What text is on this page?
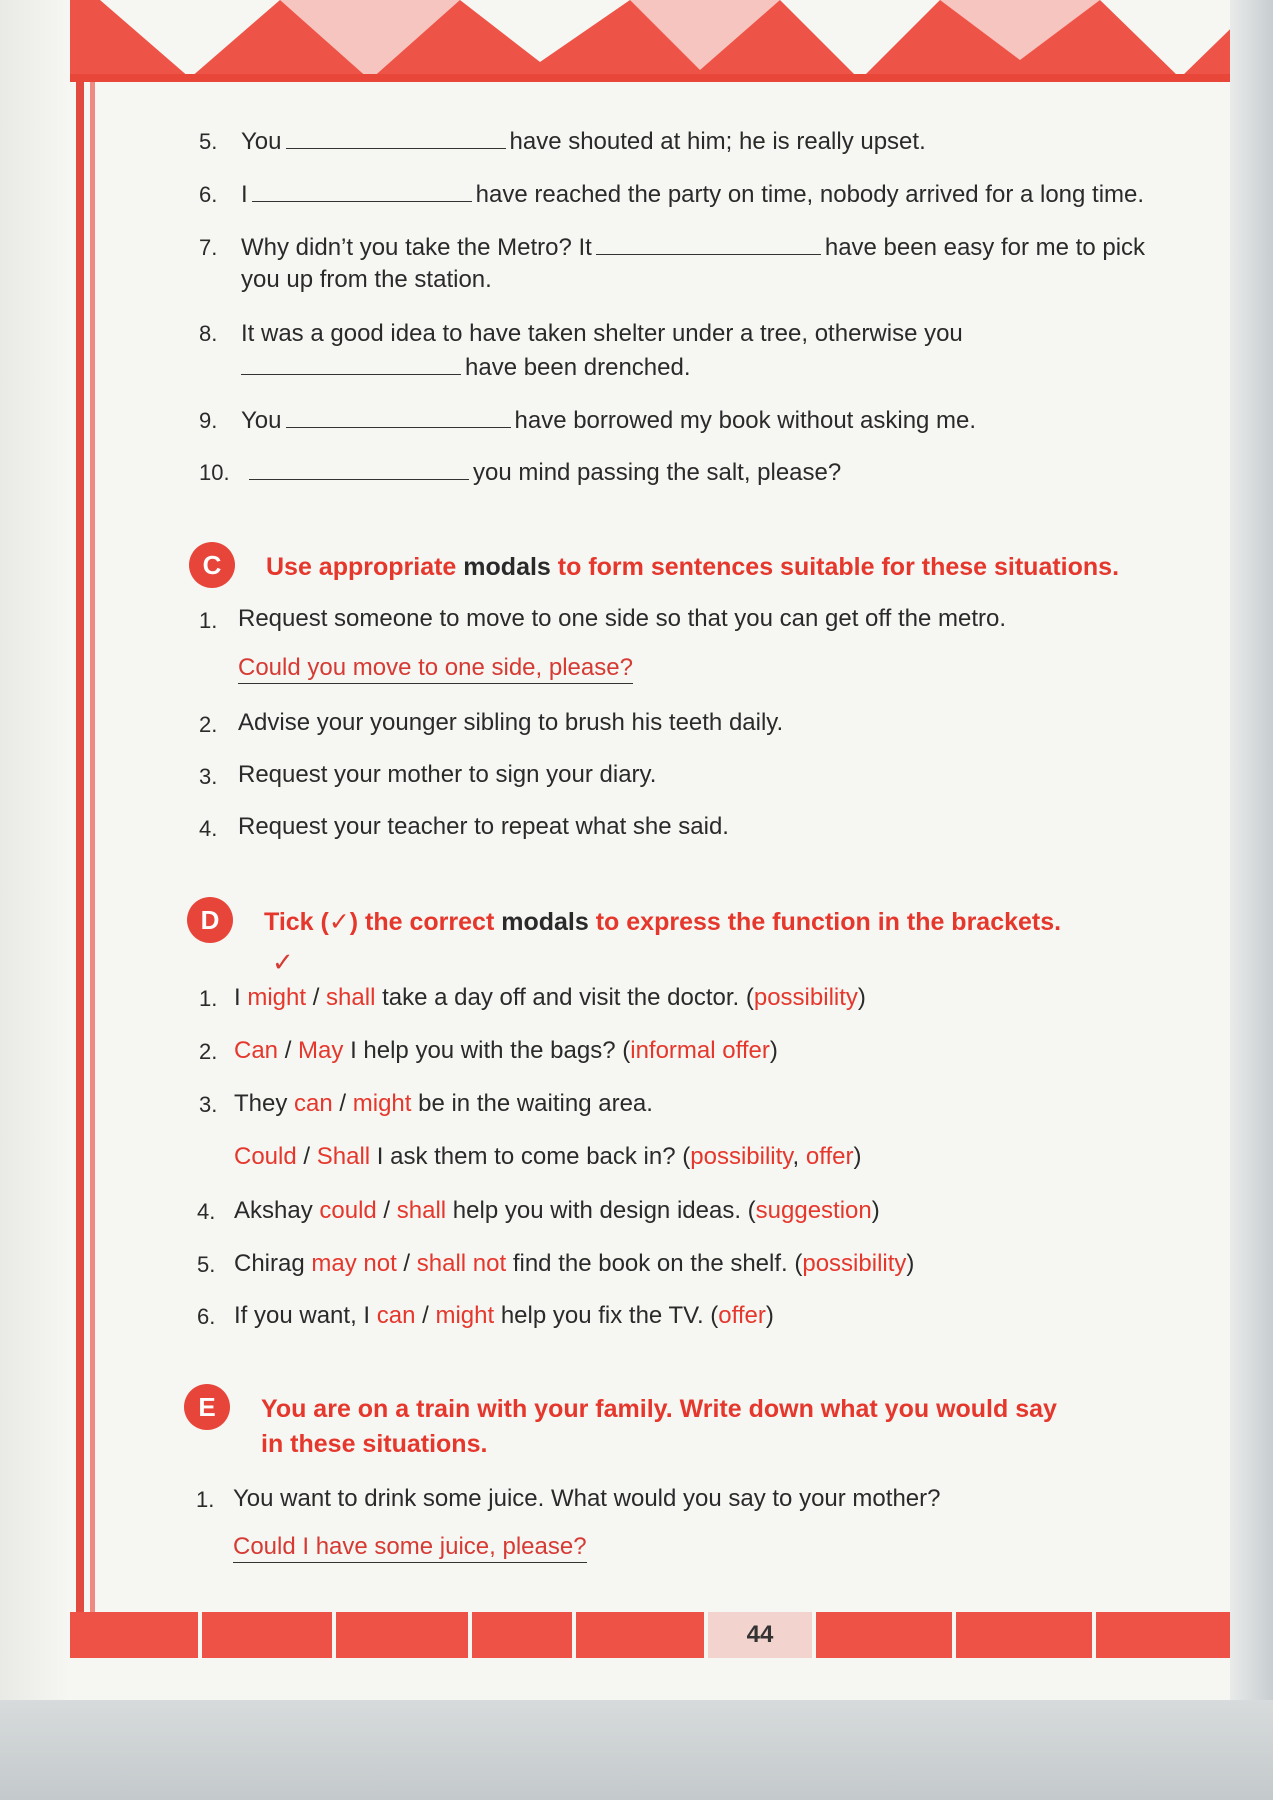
5. You	have shouted at him; he is really upset.
6. I	have reached the party on time, nobody arrived for a long time.
7. Why didn’t you take the Metro? It	have been easy for me to pick
you up from the station.
8. It was a good idea to have taken shelter under a tree, otherwise you
have been drenched.
9. You	have borrowed my book without asking me.
10.	you mind passing the salt, please?
C	Use appropriate modals to form sentences suitable for these situations.
1. Request someone to move to one side so that you can get off the metro.
Could you move to one side, please?
2. Advise your younger sibling to brush his teeth daily.
3. Request your mother to sign your diary.
4. Request your teacher to repeat what she said.
D	Tick (✓) the correct modals to express the function in the brackets.
✓
1. I might / shall take a day off and visit the doctor. (possibility)
2. Can / May I help you with the bags? (informal offer)
3. They can / might be in the waiting area.
Could / Shall I ask them to come back in? (possibility, offer)
4. Akshay could / shall help you with design ideas. (suggestion)
5. Chirag may not / shall not find the book on the shelf. (possibility)
6. If you want, I can / might help you fix the TV. (offer)
E	You are on a train with your family. Write down what you would say
in these situations.
1. You want to drink some juice. What would you say to your mother?
Could I have some juice, please?
44
